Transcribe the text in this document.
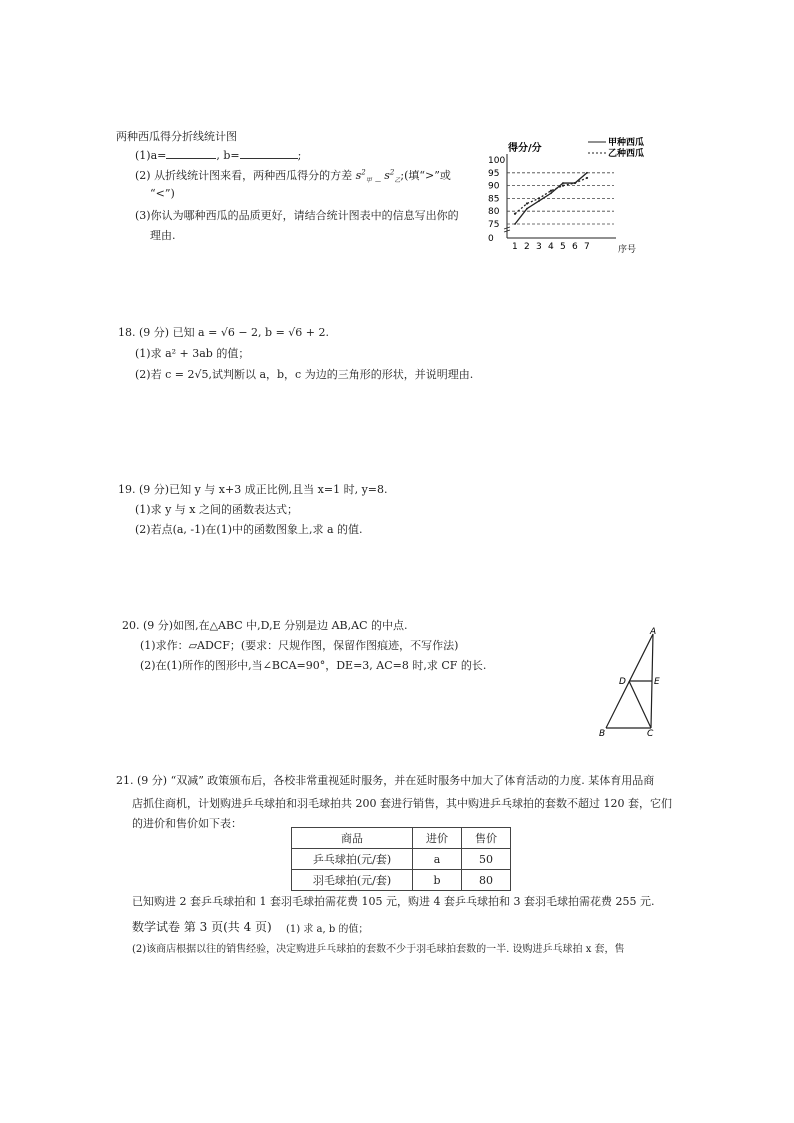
两种西瓜得分折线统计图
(1)a=	, b=	;
(2) 从折线统计图来看，两种西瓜得分的方差 $s^2_甲$ _ $s^2_乙$;(填“>”或
“<”)
(3)你认为哪种西瓜的品质更好，请结合统计图表中的信息写出你的
理由.
得分/分
序号
甲种西瓜
乙种西瓜
100
95
90
85
80
75
0
1 2 3 4 5 6 7
18. (9 分) 已知 a = √6 − 2, b = √6 + 2.
(1)求 a² + 3ab 的值；
(2)若 c = 2√5,试判断以 a，b，c 为边的三角形的形状，并说明理由.
19. (9 分)已知 y 与 x+3 成正比例,且当 x=1 时, y=8.
(1)求 y 与 x 之间的函数表达式；
(2)若点(a, -1)在(1)中的函数图象上,求 a 的值.
20. (9 分)如图,在△ABC 中,D,E 分别是边 AB,AC 的中点.
(1)求作：▱ADCF；(要求：尺规作图，保留作图痕迹，不写作法)
(2)在(1)所作的图形中,当∠BCA=90°，DE=3, AC=8 时,求 CF 的长.
A
B	C
D	E
21. (9 分) “双减” 政策颁布后，各校非常重视延时服务，并在延时服务中加大了体育活动的力度. 某体育用品商
店抓住商机，计划购进乒乓球拍和羽毛球拍共 200 套进行销售，其中购进乒乓球拍的套数不超过 120 套，它们
的进价和售价如下表：
商品	进价	售价
乒乓球拍(元/套)	a	50
羽毛球拍(元/套)	b	80
已知购进 2 套乒乓球拍和 1 套羽毛球拍需花费 105 元，购进 4 套乒乓球拍和 3 套羽毛球拍需花费 255 元.
数学试卷 第 3 页(共 4 页) (1) 求 a, b 的值；
(2)该商店根据以往的销售经验，决定购进乒乓球拍的套数不少于羽毛球拍套数的一半. 设购进乒乓球拍 x 套，售
